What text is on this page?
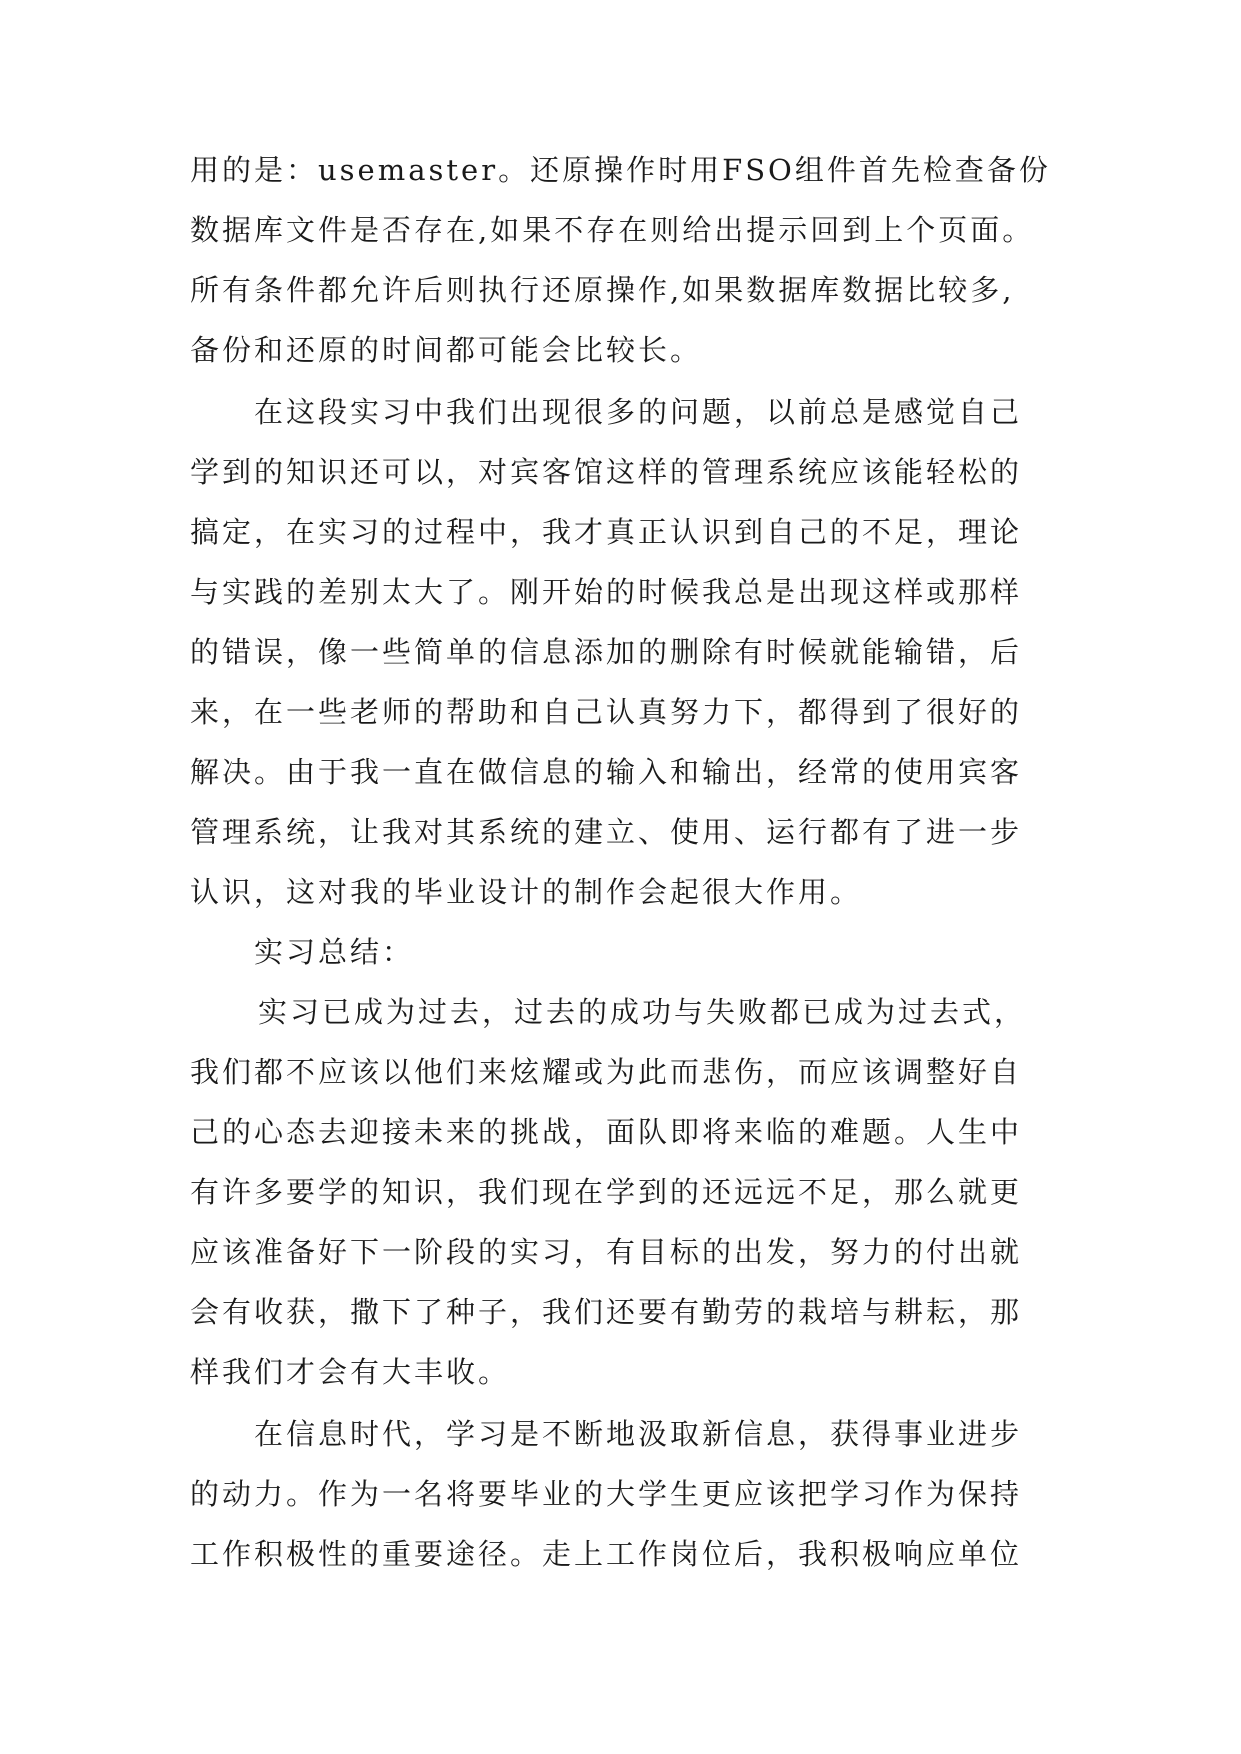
用的是：usemaster。还原操作时用FSO组件首先检查备份
数据库文件是否存在,如果不存在则给出提示回到上个页面。
所有条件都允许后则执行还原操作,如果数据库数据比较多,
备份和还原的时间都可能会比较长。
在这段实习中我们出现很多的问题，以前总是感觉自己
学到的知识还可以，对宾客馆这样的管理系统应该能轻松的
搞定，在实习的过程中，我才真正认识到自己的不足，理论
与实践的差别太大了。刚开始的时候我总是出现这样或那样
的错误，像一些简单的信息添加的删除有时候就能输错，后
来，在一些老师的帮助和自己认真努力下，都得到了很好的
解决。由于我一直在做信息的输入和输出，经常的使用宾客
管理系统，让我对其系统的建立、使用、运行都有了进一步
认识，这对我的毕业设计的制作会起很大作用。
实习总结：
实习已成为过去，过去的成功与失败都已成为过去式，
我们都不应该以他们来炫耀或为此而悲伤，而应该调整好自
己的心态去迎接未来的挑战，面队即将来临的难题。人生中
有许多要学的知识，我们现在学到的还远远不足，那么就更
应该准备好下一阶段的实习，有目标的出发，努力的付出就
会有收获，撒下了种子，我们还要有勤劳的栽培与耕耘，那
样我们才会有大丰收。
在信息时代，学习是不断地汲取新信息，获得事业进步
的动力。作为一名将要毕业的大学生更应该把学习作为保持
工作积极性的重要途径。走上工作岗位后，我积极响应单位
